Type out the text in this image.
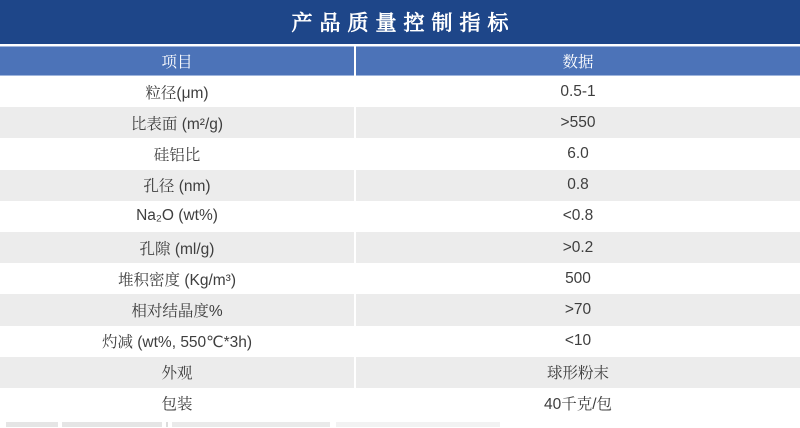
产品质量控制指标
项目	数据
粒径(μm)	0.5-1
比表面 (m²/g)	>550
硅铝比	6.0
孔径 (nm)	0.8
Na₂O (wt%)	<0.8
孔隙 (ml/g)	>0.2
堆积密度 (Kg/m³)	500
相对结晶度%	>70
灼减 (wt%, 550℃*3h)	<10
外观	球形粉末
包装	40千克/包
